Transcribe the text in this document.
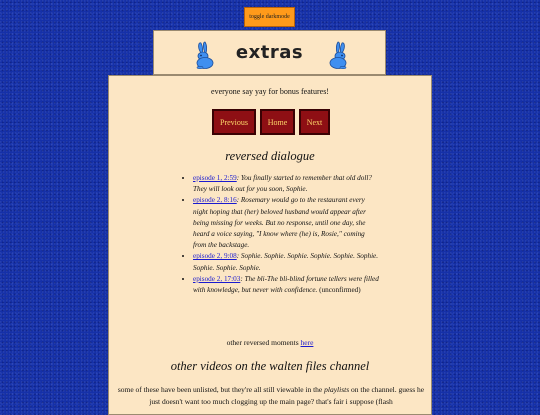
toggle darkmode
extras
everyone say yay for bonus features!
Previous	Home	Next
reversed dialogue
• episode 1, 2:59: You finally started to remember that old doll? They will look out for you soon, Sophie.
• episode 2, 8:16: Rosemary would go to the restaurant every night hoping that (her) beloved husband would appear after being missing for weeks. But no response, until one day, she heard a voice saying, "I know where (he) is, Rosie," coming from the backstage.
• episode 2, 9:08: Sophie. Sophie. Sophie. Sophie. Sophie. Sophie. Sophie. Sophie. Sophie.
• episode 2, 17:03: The bli-The bli-blind fortune tellers were filled with knowledge, but never with confidence. (unconfirmed)
other reversed moments here
other videos on the walten files channel
some of these have been unlisted, but they're all still viewable in the playlists on the channel. guess he just doesn't want too much clogging up the main page? that's fair i suppose (flash
